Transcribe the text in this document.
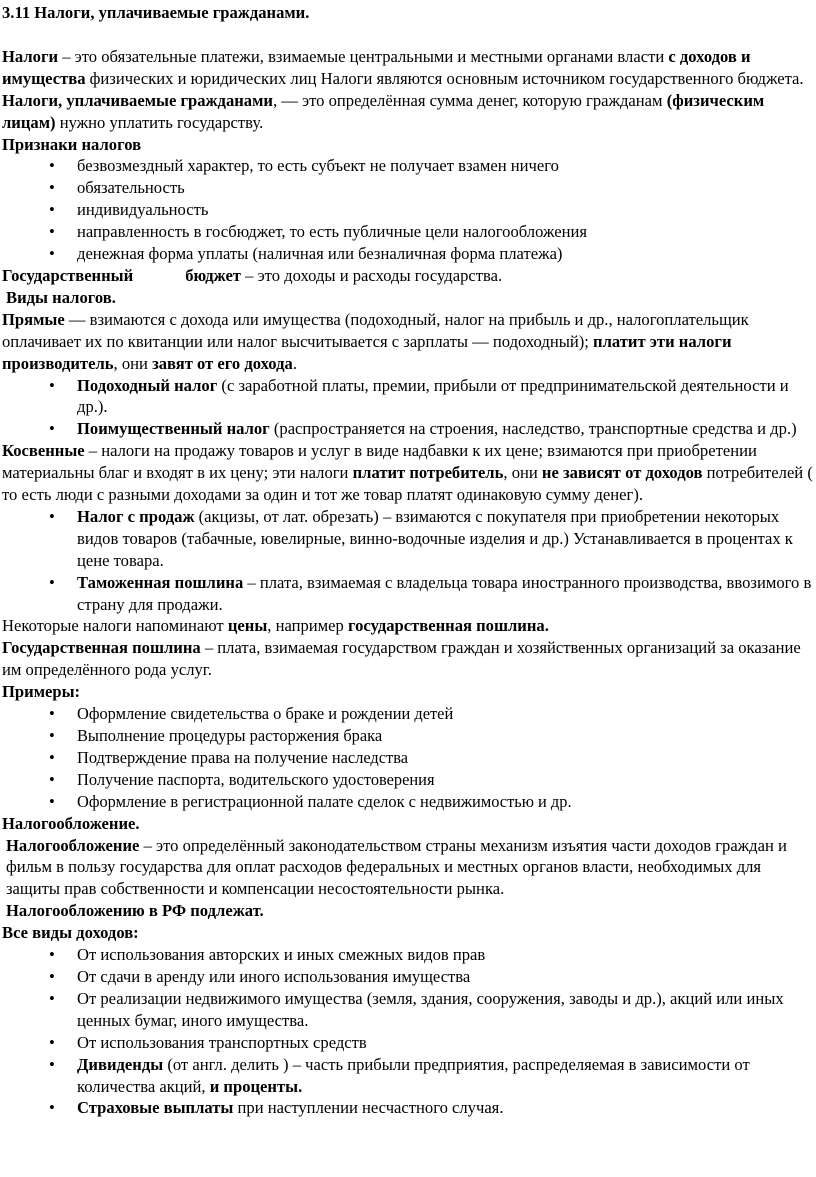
3.11 Налоги, уплачиваемые гражданами.

Налоги – это обязательные платежи, взимаемые центральными и местными органами власти с доходов и имущества физических и юридических лиц Налоги являются основным источником государственного бюджета.

Налоги, уплачиваемые гражданами, — это определённая сумма денег, которую гражданам (физическим лицам) нужно уплатить государству.

Признаки налогов

• безвозмездный характер, то есть субъект не получает взамен ничего
• обязательность
• индивидуальность
• направленность в госбюджет, то есть публичные цели налогообложения
• денежная форма уплаты (наличная или безналичная форма платежа)

Государственный	бюджет – это доходы и расходы государства.

Виды налогов.

Прямые — взимаются с дохода или имущества (подоходный, налог на прибыль и др., налогоплательщик оплачивает их по квитанции или налог высчитывается с зарплаты — подоходный); платит эти налоги производитель, они завят от его дохода.

• Подоходный налог (с заработной платы, премии, прибыли от предпринимательской деятельности и др.).
• Поимущественный налог (распространяется на строения, наследство, транспортные средства и др.)

Косвенные – налоги на продажу товаров и услуг в виде надбавки к их цене; взимаются при приобретении материальны благ и входят в их цену; эти налоги платит потребитель, они не зависят от доходов потребителей ( то есть люди с разными доходами за один и тот же товар платят одинаковую сумму денег).

• Налог с продаж (акцизы, от лат. обрезать) – взимаются с покупателя при приобретении некоторых видов товаров (табачные, ювелирные, винно-водочные изделия и др.) Устанавливается в процентах к цене товара.
• Таможенная пошлина – плата, взимаемая с владельца товара иностранного производства, ввозимого в страну для продажи.

Некоторые налоги напоминают цены, например государственная пошлина.

Государственная пошлина – плата, взимаемая государством граждан и хозяйственных организаций за оказание им определённого рода услуг.

Примеры:

• Оформление свидетельства о браке и рождении детей
• Выполнение процедуры расторжения брака
• Подтверждение права на получение наследства
• Получение паспорта, водительского удостоверения
• Оформление в регистрационной палате сделок с недвижимостью и др.

Налогообложение.

Налогообложение – это определённый законодательством страны механизм изъятия части доходов граждан и фильм в пользу государства для оплат расходов федеральных и местных органов власти, необходимых для защиты прав собственности и компенсации несостоятельности рынка.

Налогообложению в РФ подлежат.

Все виды доходов:

• От использования авторских и иных смежных видов прав
• От сдачи в аренду или иного использования имущества
• От реализации недвижимого имущества (земля, здания, сооружения, заводы и др.), акций или иных ценных бумаг, иного имущества.
• От использования транспортных средств
• Дивиденды (от англ. делить ) – часть прибыли предприятия, распределяемая в зависимости от количества акций, и проценты.
• Страховые выплаты при наступлении несчастного случая.
